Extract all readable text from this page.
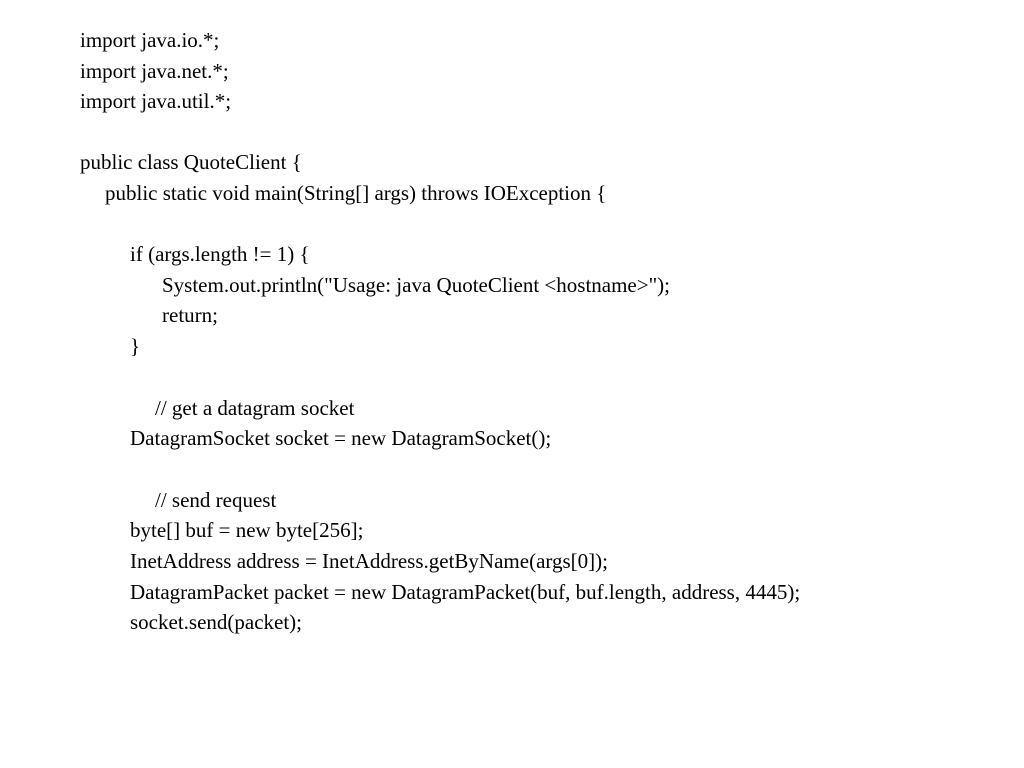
import java.io.*;

import java.net.*;

import java.util.*;

public class QuoteClient {

public static void main(String[] args) throws IOException {

if (args.length != 1) {

System.out.println("Usage: java QuoteClient <hostname>");

return;

}

// get a datagram socket

DatagramSocket socket = new DatagramSocket();

// send request

byte[] buf = new byte[256];

InetAddress address = InetAddress.getByName(args[0]);

DatagramPacket packet = new DatagramPacket(buf, buf.length, address, 4445);

socket.send(packet);
